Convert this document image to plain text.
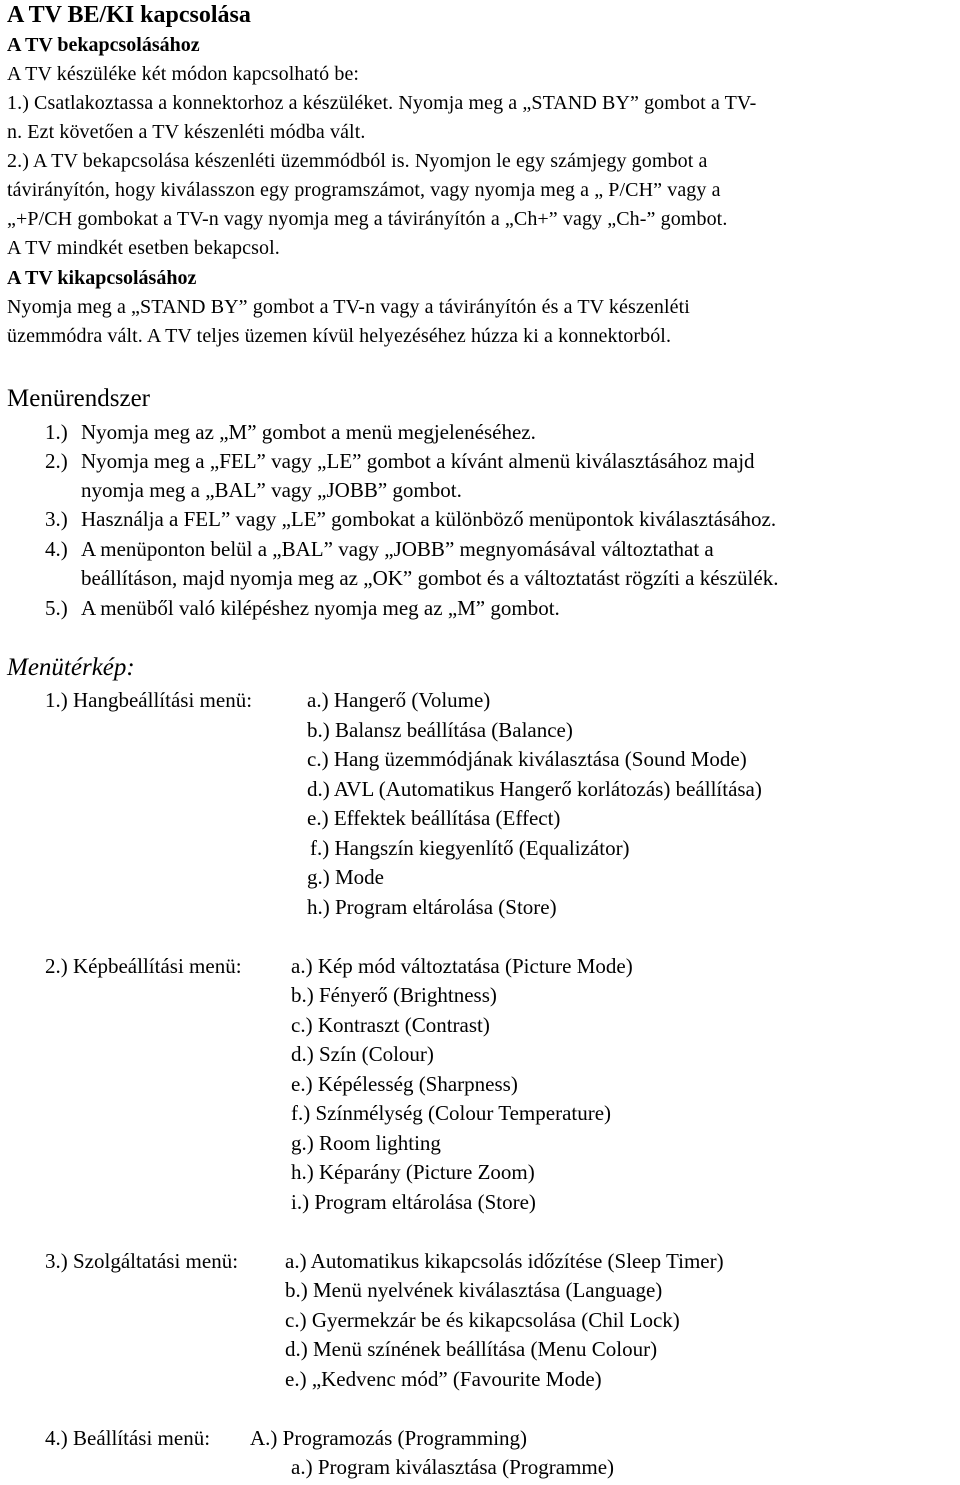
A TV BE/KI kapcsolása
A TV bekapcsolásához
A TV készüléke két módon kapcsolható be:
1.) Csatlakoztassa a konnektorhoz a készüléket. Nyomja meg a „STAND BY” gombot a TV-
n. Ezt követően a TV készenléti módba vált.
2.) A TV bekapcsolása készenléti üzemmódból is. Nyomjon le egy számjegy gombot a
távirányítón, hogy kiválasszon egy programszámot, vagy nyomja meg a „ P/CH” vagy a
„+P/CH gombokat a TV-n vagy nyomja meg a távirányítón a „Ch+” vagy „Ch-” gombot.
A TV mindkét esetben bekapcsol.
A TV kikapcsolásához
Nyomja meg a „STAND BY” gombot a TV-n vagy a távirányítón és a TV készenléti
üzemmódra vált. A TV teljes üzemen kívül helyezéséhez húzza ki a konnektorból.
Menürendszer
1.) Nyomja meg az „M” gombot a menü megjelenéséhez.
2.) Nyomja meg a „FEL” vagy „LE” gombot a kívánt almenü kiválasztásához majd
nyomja meg a „BAL” vagy „JOBB” gombot.
3.) Használja a FEL” vagy „LE” gombokat a különböző menüpontok kiválasztásához.
4.) A menüponton belül a „BAL” vagy „JOBB” megnyomásával változtathat a
beállításon, majd nyomja meg az „OK” gombot és a változtatást rögzíti a készülék.
5.) A menüből való kilépéshez nyomja meg az „M” gombot.
Menütérkép:
1.) Hangbeállítási menü:	a.) Hangerő (Volume)
b.) Balansz beállítása (Balance)
c.) Hang üzemmódjának kiválasztása (Sound Mode)
d.) AVL (Automatikus Hangerő korlátozás) beállítása)
e.) Effektek beállítása (Effect)
f.) Hangszín kiegyenlítő (Equalizátor)
g.) Mode
h.) Program eltárolása (Store)
2.) Képbeállítási menü: a.) Kép mód változtatása (Picture Mode)
b.) Fényerő (Brightness)
c.) Kontraszt (Contrast)
d.) Szín (Colour)
e.) Képélesség (Sharpness)
f.) Színmélység (Colour Temperature)
g.) Room lighting
h.) Képarány (Picture Zoom)
i.) Program eltárolása (Store)
3.) Szolgáltatási menü: a.) Automatikus kikapcsolás időzítése (Sleep Timer)
b.) Menü nyelvének kiválasztása (Language)
c.) Gyermekzár be és kikapcsolása (Chil Lock)
d.) Menü színének beállítása (Menu Colour)
e.) „Kedvenc mód” (Favourite Mode)
4.) Beállítási menü: A.) Programozás (Programming)
a.) Program kiválasztása (Programme)
